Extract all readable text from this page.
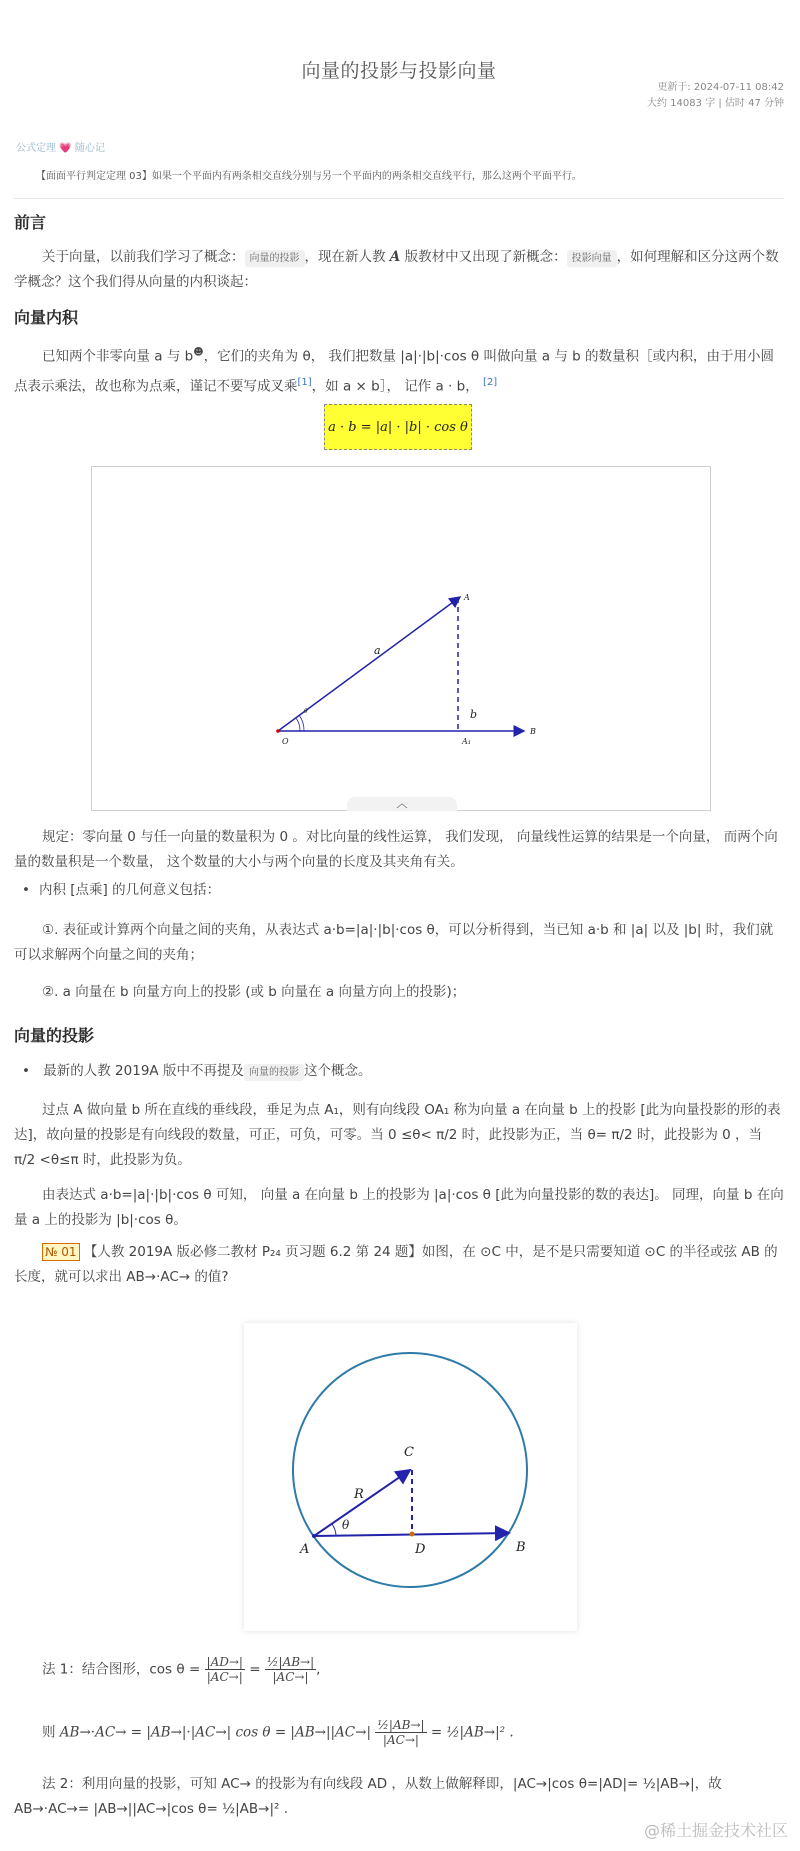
向量的投影与投影向量
更新于: 2024-07-11 08:42
大约 14083 字 | 估时 47 分钟
公式定理 💗 随心记
【面面平行判定定理 03】如果一个平面内有两条相交直线分别与另一个平面内的两条相交直线平行，那么这两个平面平行。
前言
关于向量，以前我们学习了概念： 向量的投影 ，现在新人教 A 版教材中又出现了新概念： 投影向量 ，如何理解和区分这两个数学概念？这个我们得从向量的内积谈起：
向量内积
已知两个非零向量 a 与 b☻，它们的夹角为 θ， 我们把数量 |a|·|b|·cos θ 叫做向量 a 与 b 的数量积［或内积，由于用小圆点表示乘法，故也称为点乘，谨记不要写成叉乘[1]，如 a × b］， 记作 a · b， [2]
a · b = |a| · |b| · cos θ
a
b
O
A
A₁
B
θ
︿
规定：零向量 0 与任一向量的数量积为 0 。对比向量的线性运算， 我们发现， 向量线性运算的结果是一个向量， 而两个向量的数量积是一个数量， 这个数量的大小与两个向量的长度及其夹角有关。
• 内积 [点乘] 的几何意义包括：
①. 表征或计算两个向量之间的夹角，从表达式 a·b=|a|·|b|·cos θ，可以分析得到，当已知 a·b 和 |a| 以及 |b| 时，我们就可以求解两个向量之间的夹角；
②. a 向量在 b 向量方向上的投影 (或 b 向量在 a 向量方向上的投影)；
向量的投影
• 最新的人教 2019A 版中不再提及 向量的投影 这个概念。
过点 A 做向量 b 所在直线的垂线段，垂足为点 A₁，则有向线段 OA₁ 称为向量 a 在向量 b 上的投影 [此为向量投影的形的表达]，故向量的投影是有向线段的数量，可正，可负，可零。当 0 ≤θ< π/2 时，此投影为正，当 θ= π/2 时，此投影为 0 ，当 π/2 <θ≤π 时，此投影为负。
由表达式 a·b=|a|·|b|·cos θ 可知， 向量 a 在向量 b 上的投影为 |a|·cos θ [此为向量投影的数的表达]。 同理，向量 b 在向量 a 上的投影为 |b|·cos θ。
№ 01 【人教 2019A 版必修二教材 P₂₄ 页习题 6.2 第 24 题】如图，在 ⊙C 中，是不是只需要知道 ⊙C 的半径或弦 AB 的长度，就可以求出 AB→·AC→ 的值?
C
R
θ
A	D	B
法 1：结合图形，$\cos \theta = \frac{|AD\to|}{|AC\to|} = \frac{\text{½|AB→|}}{|AC\to|}$ ,
则 AB→·AC→ = |AB→|·|AC→| $\cos \theta = |AB\to||AC\to| \frac{\text{½|AB→|}}{|AC\to|}$ = ½|AB→|² .
法 2：利用向量的投影，可知 AC→ 的投影为有向线段 AD ，从数上做解释即，|AC→|cos θ=|AD|= ½|AB→|，故 AB→·AC→= |AB→||AC→|cos θ= ½|AB→|² .
@稀土掘金技术社区
